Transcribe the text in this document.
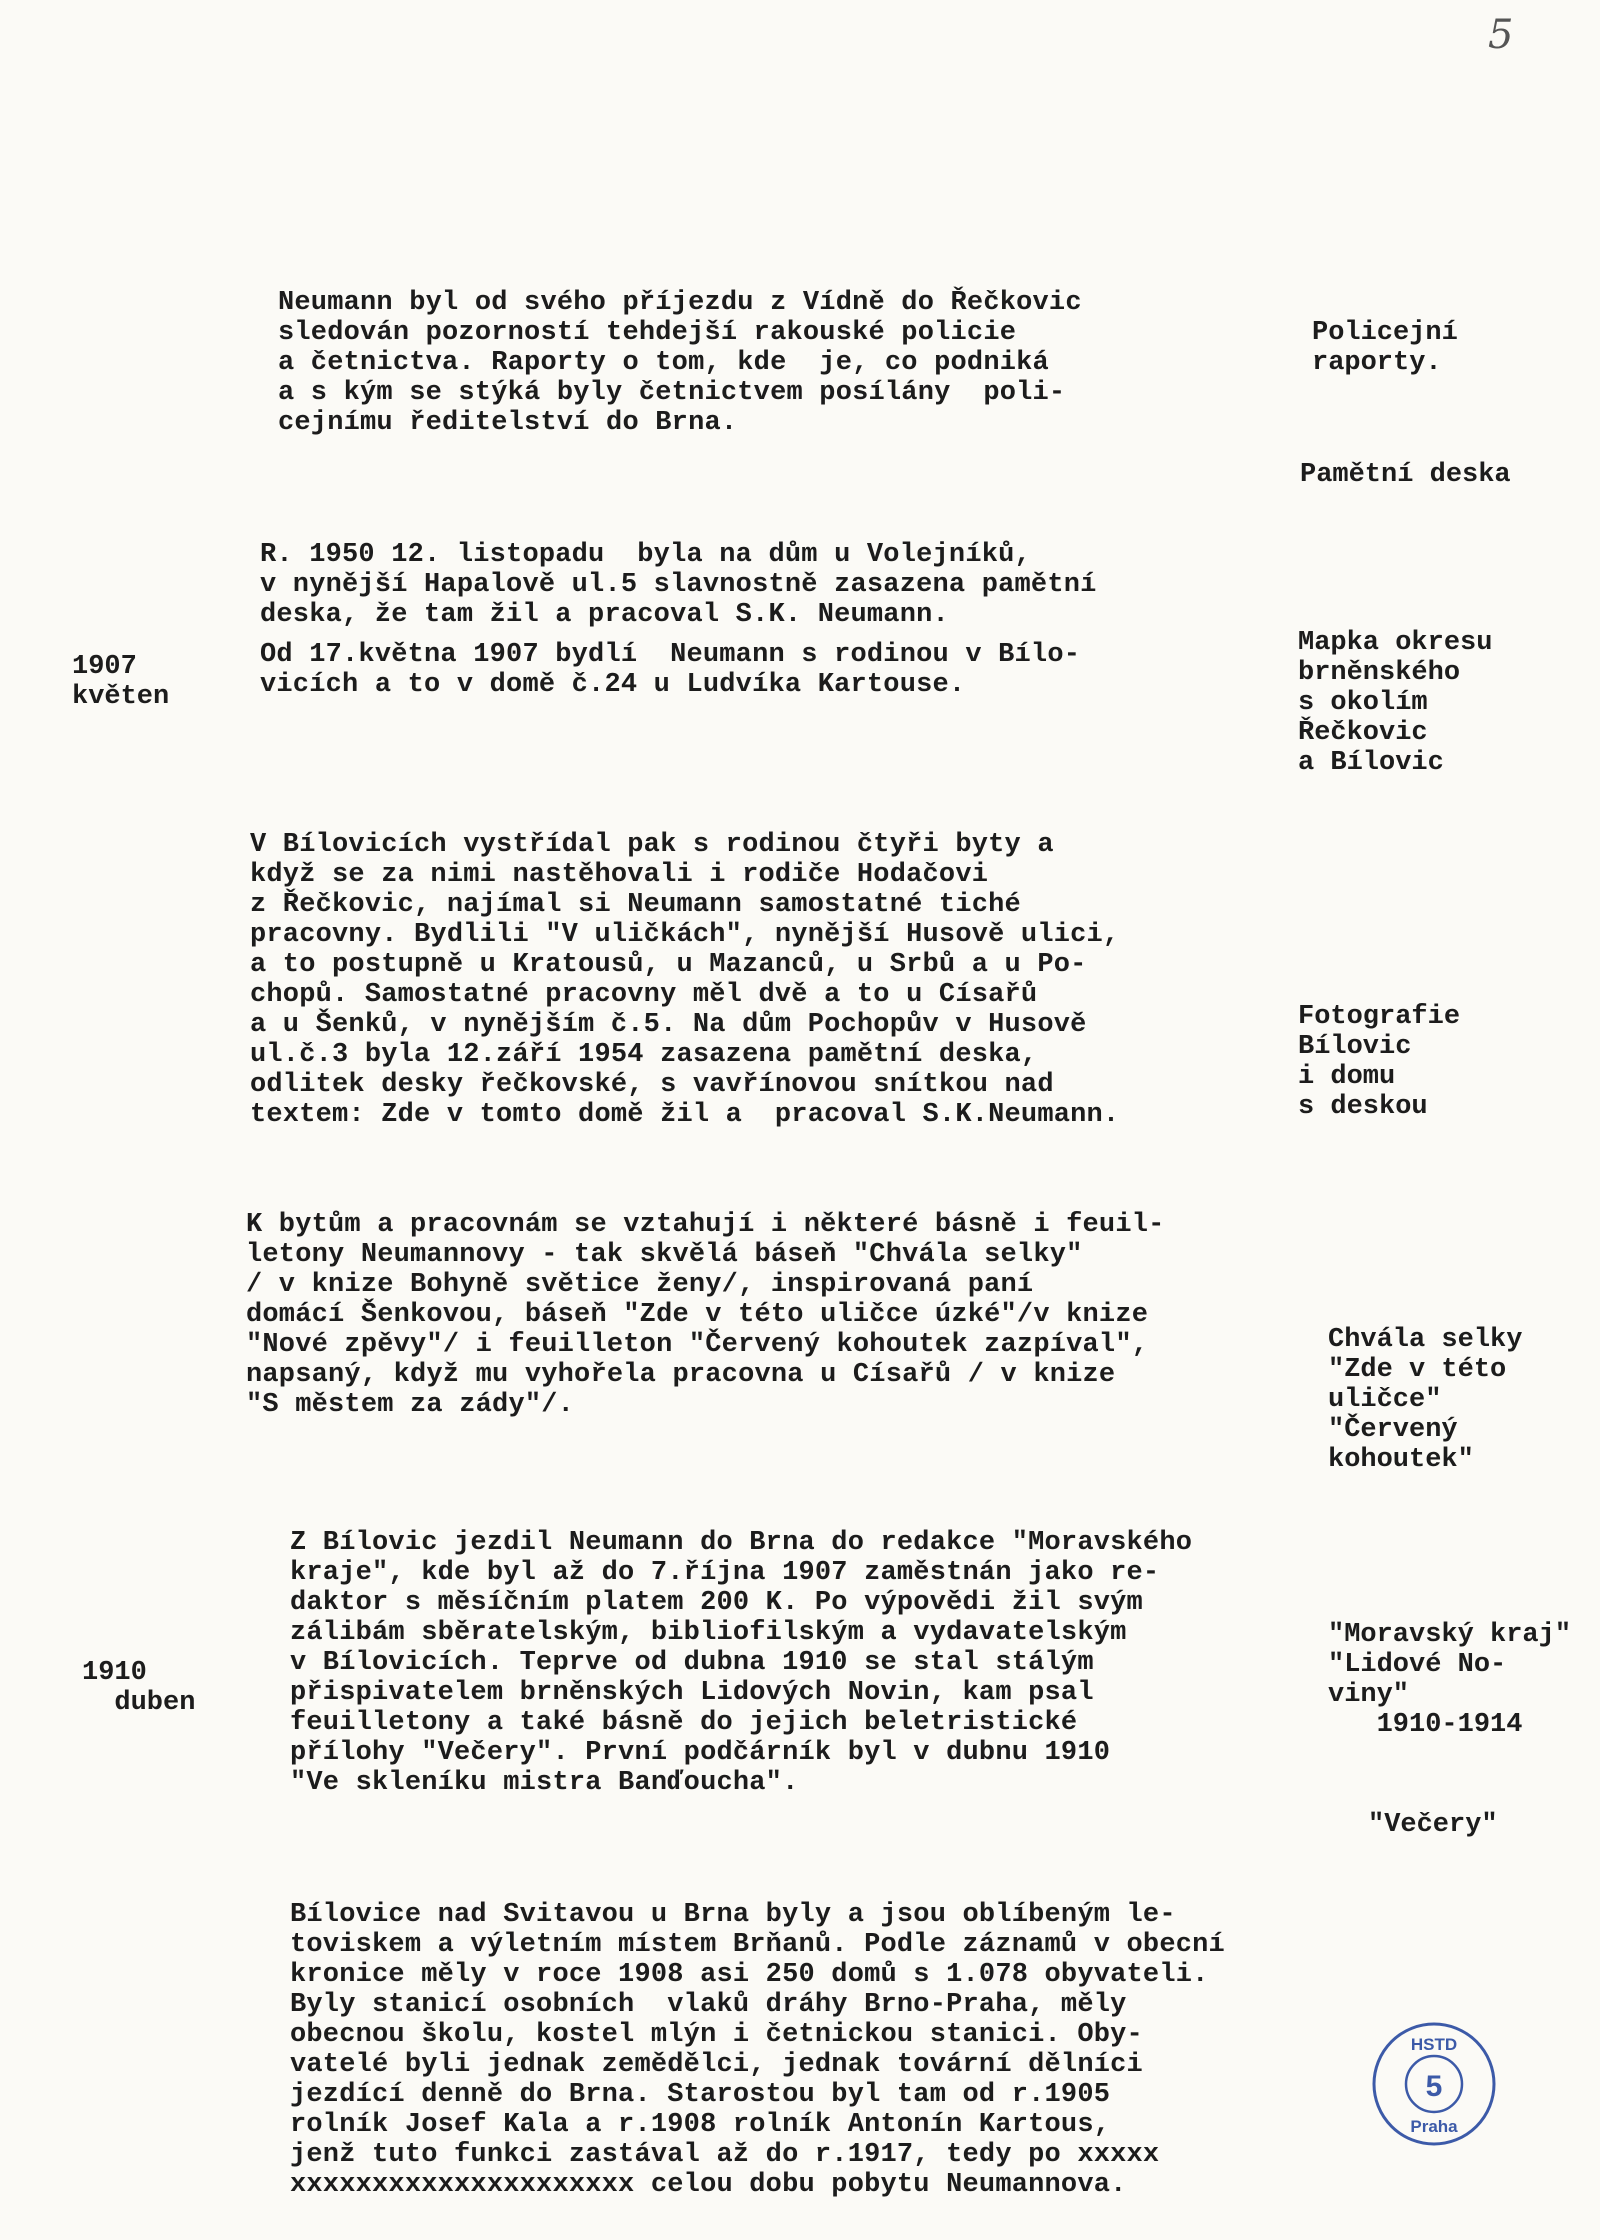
5

Neumann byl od svého příjezdu z Vídně do Řečkovic
sledován pozorností tehdejší rakouské policie
a četnictva. Raporty o tom, kde  je, co podniká
a s kým se stýká byly četnictvem posílány  poli-
cejnímu ředitelství do Brna.

R. 1950 12. listopadu  byla na dům u Volejníků,
v nynější Hapalově ul.5 slavnostně zasazena pamětní
deska, že tam žil a pracoval S.K. Neumann.

1907
květen

Od 17.května 1907 bydlí  Neumann s rodinou v Bílo-
vicích a to v domě č.24 u Ludvíka Kartouse.

V Bílovicích vystřídal pak s rodinou čtyři byty a
když se za nimi nastěhovali i rodiče Hodačovi
z Řečkovic, najímal si Neumann samostatné tiché
pracovny. Bydlili "V uličkách", nynější Husově ulici,
a to postupně u Kratousů, u Mazanců, u Srbů a u Po-
chopů. Samostatné pracovny měl dvě a to u Císařů
a u Šenků, v nynějším č.5. Na dům Pochopův v Husově
ul.č.3 byla 12.září 1954 zasazena pamětní deska,
odlitek desky řečkovské, s vavřínovou snítkou nad
textem: Zde v tomto domě žil a  pracoval S.K.Neumann.

K bytům a pracovnám se vztahují i některé básně i feuil-
letony Neumannovy - tak skvělá báseň "Chvála selky"
/ v knize Bohyně světice ženy/, inspirovaná paní
domácí Šenkovou, báseň "Zde v této uličce úzké"/v knize
"Nové zpěvy"/ i feuilleton "Červený kohoutek zazpíval",
napsaný, když mu vyhořela pracovna u Císařů / v knize
"S městem za zády"/.

1910
duben

Z Bílovic jezdil Neumann do Brna do redakce "Moravského
kraje", kde byl až do 7.října 1907 zaměstnán jako re-
daktor s měsíčním platem 200 K. Po výpovědi žil svým
zálibám sběratelským, bibliofilským a vydavatelským
v Bílovicích. Teprve od dubna 1910 se stal stálým
přispivatelem brněnských Lidových Novin, kam psal
feuilletony a také básně do jejich beletristické
přílohy "Večery". První podčárník byl v dubnu 1910
"Ve skleníku mistra Banďoucha".

Bílovice nad Svitavou u Brna byly a jsou oblíbeným le-
toviskem a výletním místem Brňanů. Podle záznamů v obecní
kronice měly v roce 1908 asi 250 domů s 1.078 obyvateli.
Byly stanicí osobních  vlaků dráhy Brno-Praha, měly
obecnou školu, kostel mlýn i četnickou stanici. Oby-
vatelé byli jednak zemědělci, jednak tovární dělníci
jezdící denně do Brna. Starostou byl tam od r.1905
rolník Josef Kala a r.1908 rolník Antonín Kartous,
jenž tuto funkci zastával až do r.1917, tedy po xxxxx
xxxxxxxxxxxxxxxxxxxxx celou dobu pobytu Neumannova.

Policejní
raporty.

Pamětní deska

Mapka okresu
brněnského
s okolím
Řečkovic
a Bílovic

Fotografie
Bílovic
i domu
s deskou

Chvála selky
"Zde v této
uličce"
"Červený
kohoutek"

"Moravský kraj"
"Lidové No-
viny"
1910-1914

"Večery"

HSTD
5
Praha
